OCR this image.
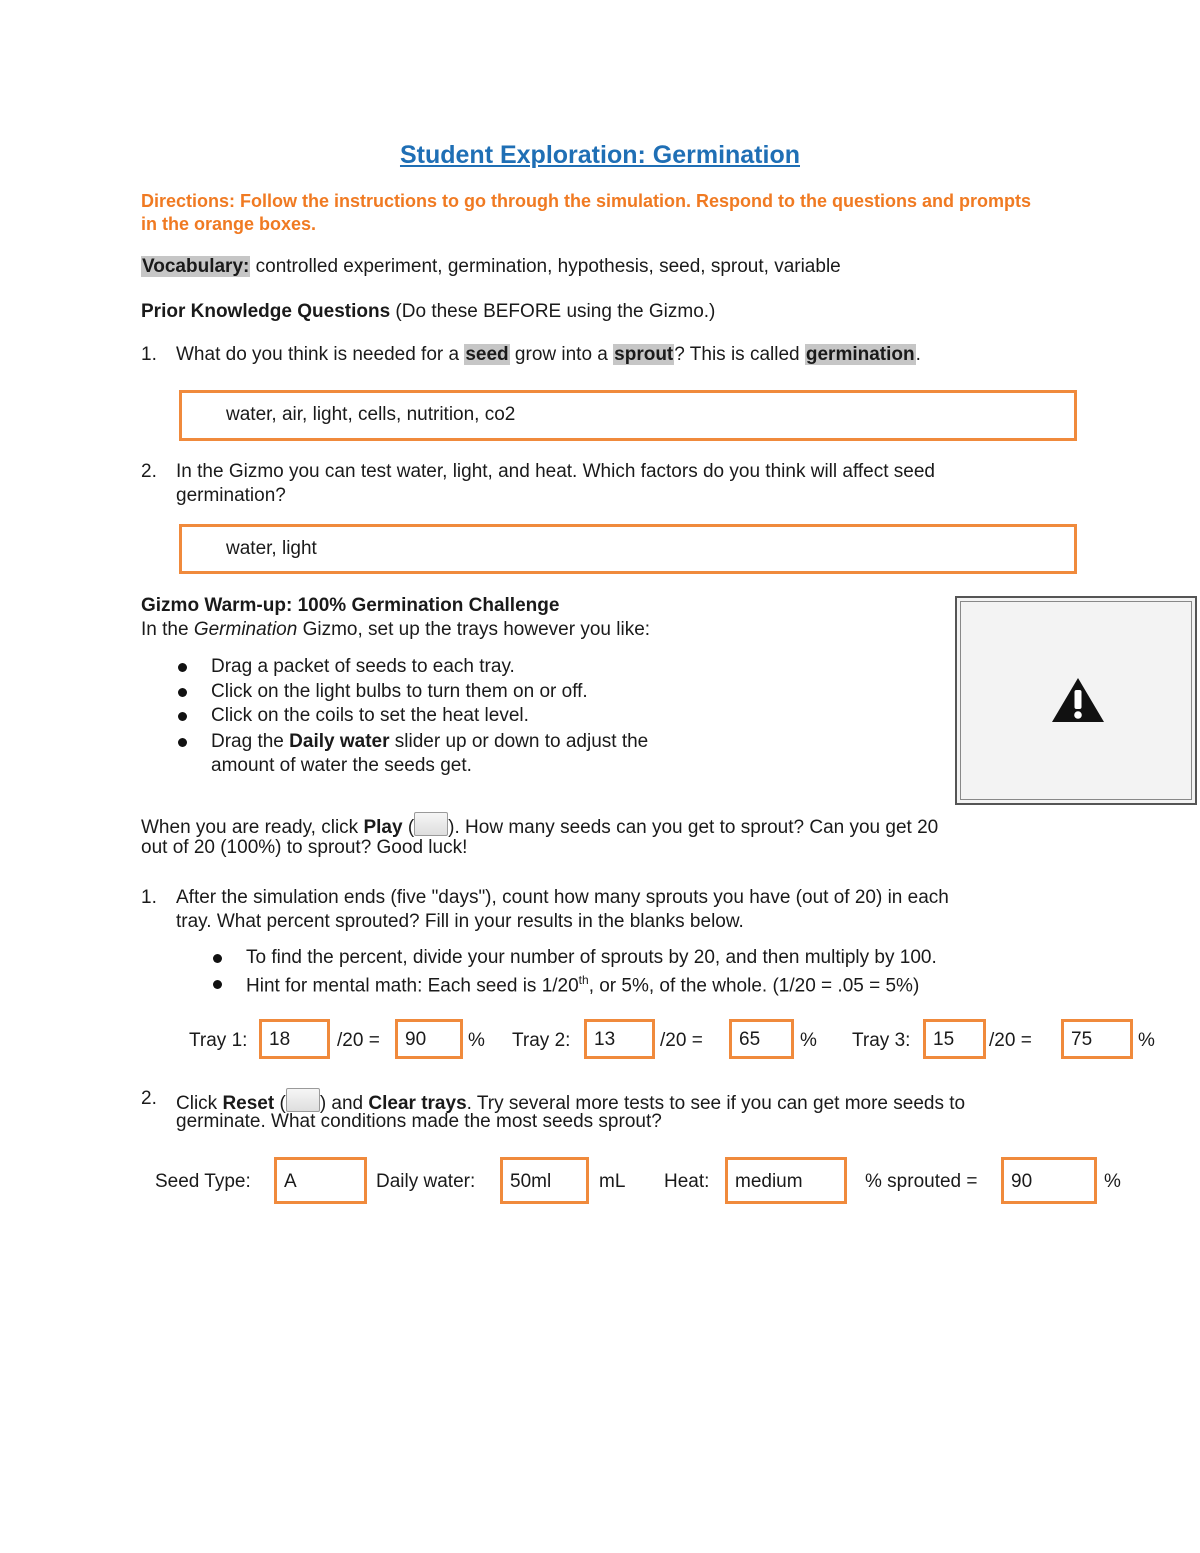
Student Exploration: Germination
Directions: Follow the instructions to go through the simulation. Respond to the questions and prompts in the orange boxes.
Vocabulary: controlled experiment, germination, hypothesis, seed, sprout, variable
Prior Knowledge Questions (Do these BEFORE using the Gizmo.)
1. What do you think is needed for a seed grow into a sprout? This is called germination.
water, air, light, cells, nutrition, co2
2. In the Gizmo you can test water, light, and heat. Which factors do you think will affect seed
germination?
water, light
Gizmo Warm-up: 100% Germination Challenge
In the Germination Gizmo, set up the trays however you like:
Drag a packet of seeds to each tray.
Click on the light bulbs to turn them on or off.
Click on the coils to set the heat level.
Drag the Daily water slider up or down to adjust the
amount of water the seeds get.
When you are ready, click Play ( ). How many seeds can you get to sprout? Can you get 20
out of 20 (100%) to sprout? Good luck!
1. After the simulation ends (five "days"), count how many sprouts you have (out of 20) in each
tray. What percent sprouted? Fill in your results in the blanks below.
To find the percent, divide your number of sprouts by 20, and then multiply by 100.
Hint for mental math: Each seed is 1/20th, or 5%, of the whole. (1/20 = .05 = 5%)
Tray 1:	18	/20 =	90	% Tray 2:	13	/20 =	65	% Tray 3:	15	/20 =	75	%
2. Click Reset ( ) and Clear trays. Try several more tests to see if you can get more seeds to
germinate. What conditions made the most seeds sprout?
Seed Type:	A	Daily water:	50ml	mL Heat:	medium	% sprouted =	90	%
